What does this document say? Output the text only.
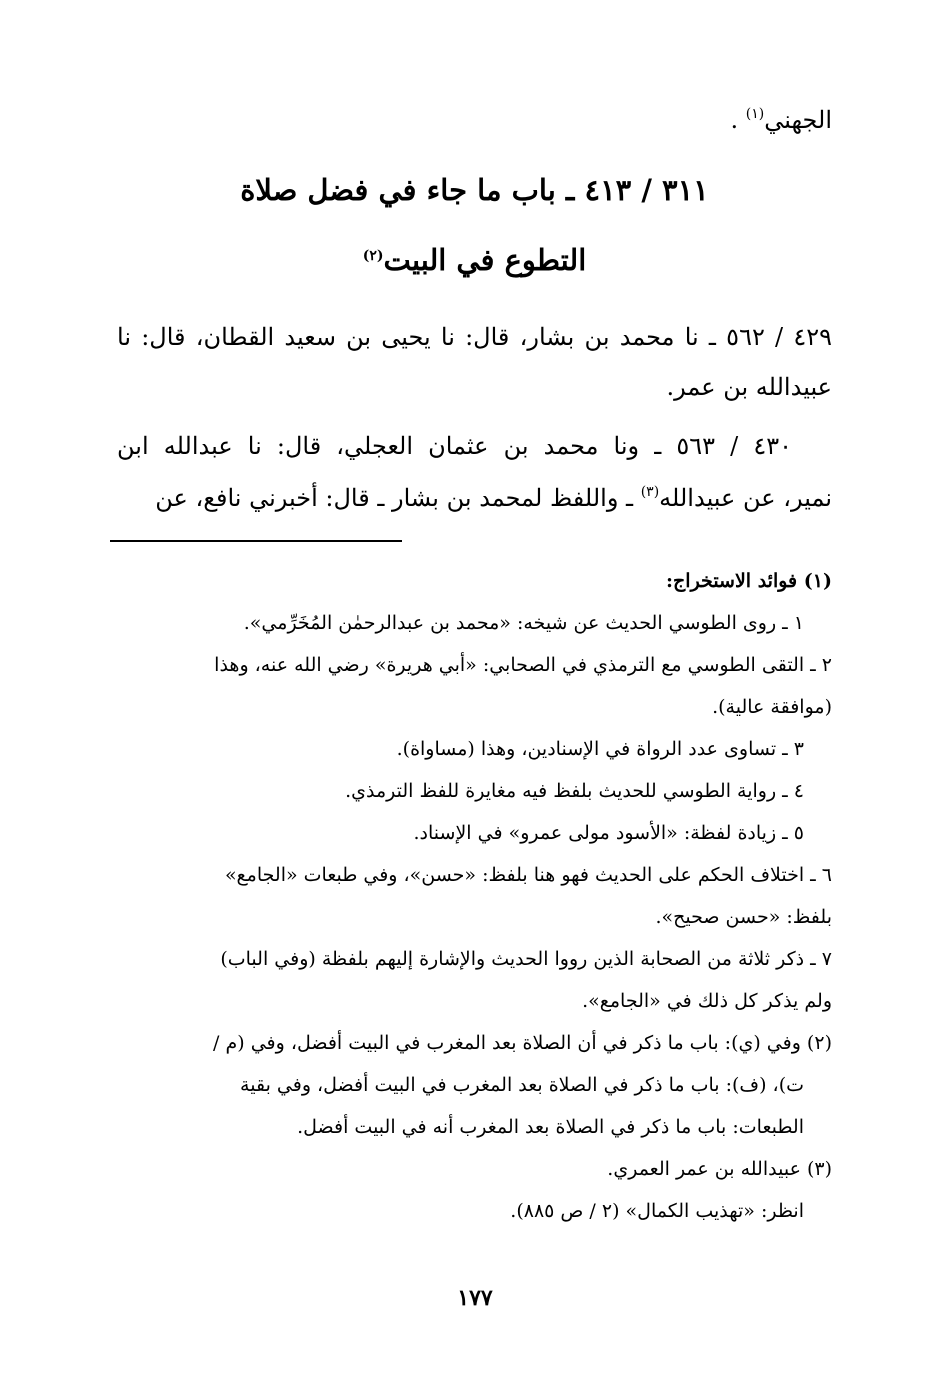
الجهني$^{(١)}$ .
٣١١ / ٤١٣ ـ باب ما جاء في فضل صلاة
التطوع في البيت$^{(٢)}$
٤٢٩ / ٥٦٢ ـ نا محمد بن بشار، قال: نا يحيى بن سعيد القطان، قال: نا
عبيدالله بن عمر.
٤٣٠ / ٥٦٣ ـ ونا محمد بن عثمان العجلي، قال: نا عبدالله ابن
نمير، عن عبيدالله$^{(٣)}$ ـ واللفظ لمحمد بن بشار ـ قال: أخبرني نافع، عن
(١) فوائد الاستخراج:
١ ـ روى الطوسي الحديث عن شيخه: «محمد بن عبدالرحمٰن المُخَرِّمي».
٢ ـ التقى الطوسي مع الترمذي في الصحابي: «أبي هريرة» رضي الله عنه، وهذا
(موافقة عالية).
٣ ـ تساوى عدد الرواة في الإسنادين، وهذا (مساواة).
٤ ـ رواية الطوسي للحديث بلفظ فيه مغايرة للفظ الترمذي.
٥ ـ زيادة لفظة: «الأسود مولى عمرو» في الإسناد.
٦ ـ اختلاف الحكم على الحديث فهو هنا بلفظ: «حسن»، وفي طبعات «الجامع»
بلفظ: «حسن صحيح».
٧ ـ ذكر ثلاثة من الصحابة الذين رووا الحديث والإشارة إليهم بلفظة (وفي الباب)
ولم يذكر كل ذلك في «الجامع».
(٢) وفي (ي): باب ما ذكر في أن الصلاة بعد المغرب في البيت أفضل، وفي (م /
ت)، (ف): باب ما ذكر في الصلاة بعد المغرب في البيت أفضل، وفي بقية
الطبعات: باب ما ذكر في الصلاة بعد المغرب أنه في البيت أفضل.
(٣) عبيدالله بن عمر العمري.
انظر: «تهذيب الكمال» (٢ / ص ٨٨٥).
١٧٧
